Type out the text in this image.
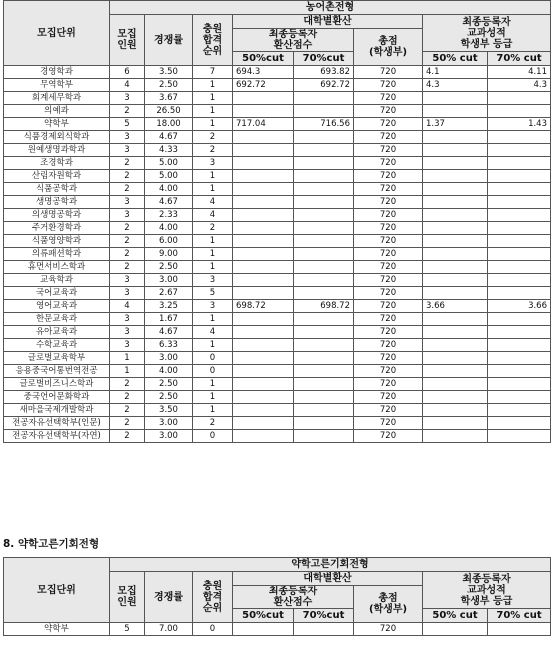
모집단위	농어촌전형							

	모집
인원	경쟁률	충원
합격
순위	대학별환산			최종등록자
교과성적
학생부 등급	

				최종등록자
환산점수		총점
(학생부)		

				50%cut	70%cut		50% cut	70% cut
경영학과	6	3.50	7	694.3	693.82	720	4.1	4.11
무역학부	4	2.50	1	692.72	692.72	720	4.3	4.3
회계세무학과	3	3.67	1			720		
의예과	2	26.50	1			720		
약학부	5	18.00	1	717.04	716.56	720	1.37	1.43
식품경제외식학과	3	4.67	2			720		
원예생명과학과	3	4.33	2			720		
조경학과	2	5.00	3			720		
산림자원학과	2	5.00	1			720		
식품공학과	2	4.00	1			720		
생명공학과	3	4.67	4			720		
의생명공학과	3	2.33	4			720		
주거환경학과	2	4.00	2			720		
식품영양학과	2	6.00	1			720		
의류패션학과	2	9.00	1			720		
휴먼서비스학과	2	2.50	1			720		
교육학과	3	3.00	3			720		
국어교육과	3	2.67	5			720		
영어교육과	4	3.25	3	698.72	698.72	720	3.66	3.66
한문교육과	3	1.67	1			720		
유아교육과	3	4.67	4			720		
수학교육과	3	6.33	1			720		
글로벌교육학부	1	3.00	0			720		
응용중국어통번역전공	1	4.00	0			720		
글로벌비즈니스학과	2	2.50	1			720		
중국언어문화학과	2	2.50	1			720		
새마을국제개발학과	2	3.50	1			720		
전공자유선택학부(인문)	2	3.00	2			720		
전공자유선택학부(자연)	2	3.00	0			720		
8. 약학고른기회전형
모집단위	약학고른기회전형							

	모집
인원	경쟁률	충원
합격
순위	대학별환산			최종등록자
교과성적
학생부 등급	

				최종등록자
환산점수		총점
(학생부)		

				50%cut	70%cut		50% cut	70% cut
약학부	5	7.00	0			720		
